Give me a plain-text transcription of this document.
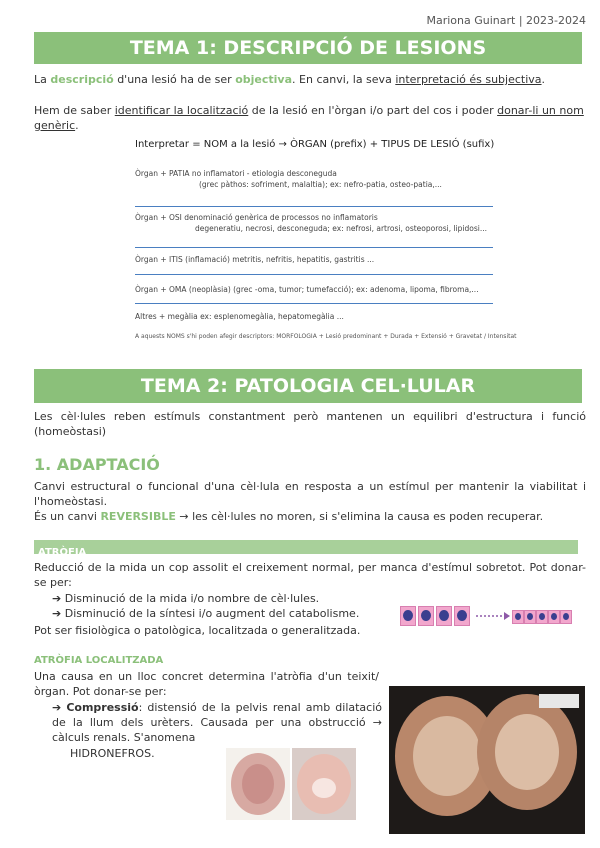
Mariona Guinart | 2023-2024
TEMA 1: DESCRIPCIÓ DE LESIONS
La descripció d'una lesió ha de ser objectiva. En canvi, la seva interpretació és subjectiva.
Hem de saber identificar la localització de la lesió en l'òrgan i/o part del cos i poder donar-li un nom genèric.
Interpretar = NOM a la lesió → ÒRGAN (prefix) + TIPUS DE LESIÓ (sufix)
Òrgan + PATIA no inflamatori - etiologia desconeguda
(grec pàthos: sofriment, malaltia); ex: nefro-patia, osteo-patia,...
Òrgan + OSI denominació genèrica de processos no inflamatoris
degeneratiu, necrosi, desconeguda; ex: nefrosi, artrosi, osteoporosi, lipidosi...
Òrgan + ITIS (inflamació) metritis, nefritis, hepatitis, gastritis ...
Òrgan + OMA (neoplàsia) (grec -oma, tumor; tumefacció); ex: adenoma, lipoma, fibroma,...
Altres + megàlia ex: esplenomegàlia, hepatomegàlia ...
A aquests NOMS s'hi poden afegir descriptors: MORFOLOGIA + Lesió predominant + Durada + Extensió + Gravetat / Intensitat
TEMA 2: PATOLOGIA CEL·LULAR
Les cèl·lules reben estímuls constantment però mantenen un equilibri d'estructura i funció (homeòstasi)
1. ADAPTACIÓ
Canvi estructural o funcional d'una cèl·lula en resposta a un estímul per mantenir la viabilitat i l'homeòstasi.
És un canvi REVERSIBLE → les cèl·lules no moren, si s'elimina la causa es poden recuperar.
ATRÒFIA
Reducció de la mida un cop assolit el creixement normal, per manca d'estímul sobretot. Pot donar-se per:
➔ Disminució de la mida i/o nombre de cèl·lules.
➔ Disminució de la síntesi i/o augment del catabolisme.
Pot ser fisiològica o patològica, localitzada o generalitzada.
ATRÒFIA LOCALITZADA
Una causa en un lloc concret determina l'atròfia d'un teixit/òrgan. Pot donar-se per:
➔ Compressió: distensió de la pelvis renal amb dilatació de la llum dels urèters. Causada per una obstrucció → càlculs renals. S'anomena
HIDRONEFROS.
